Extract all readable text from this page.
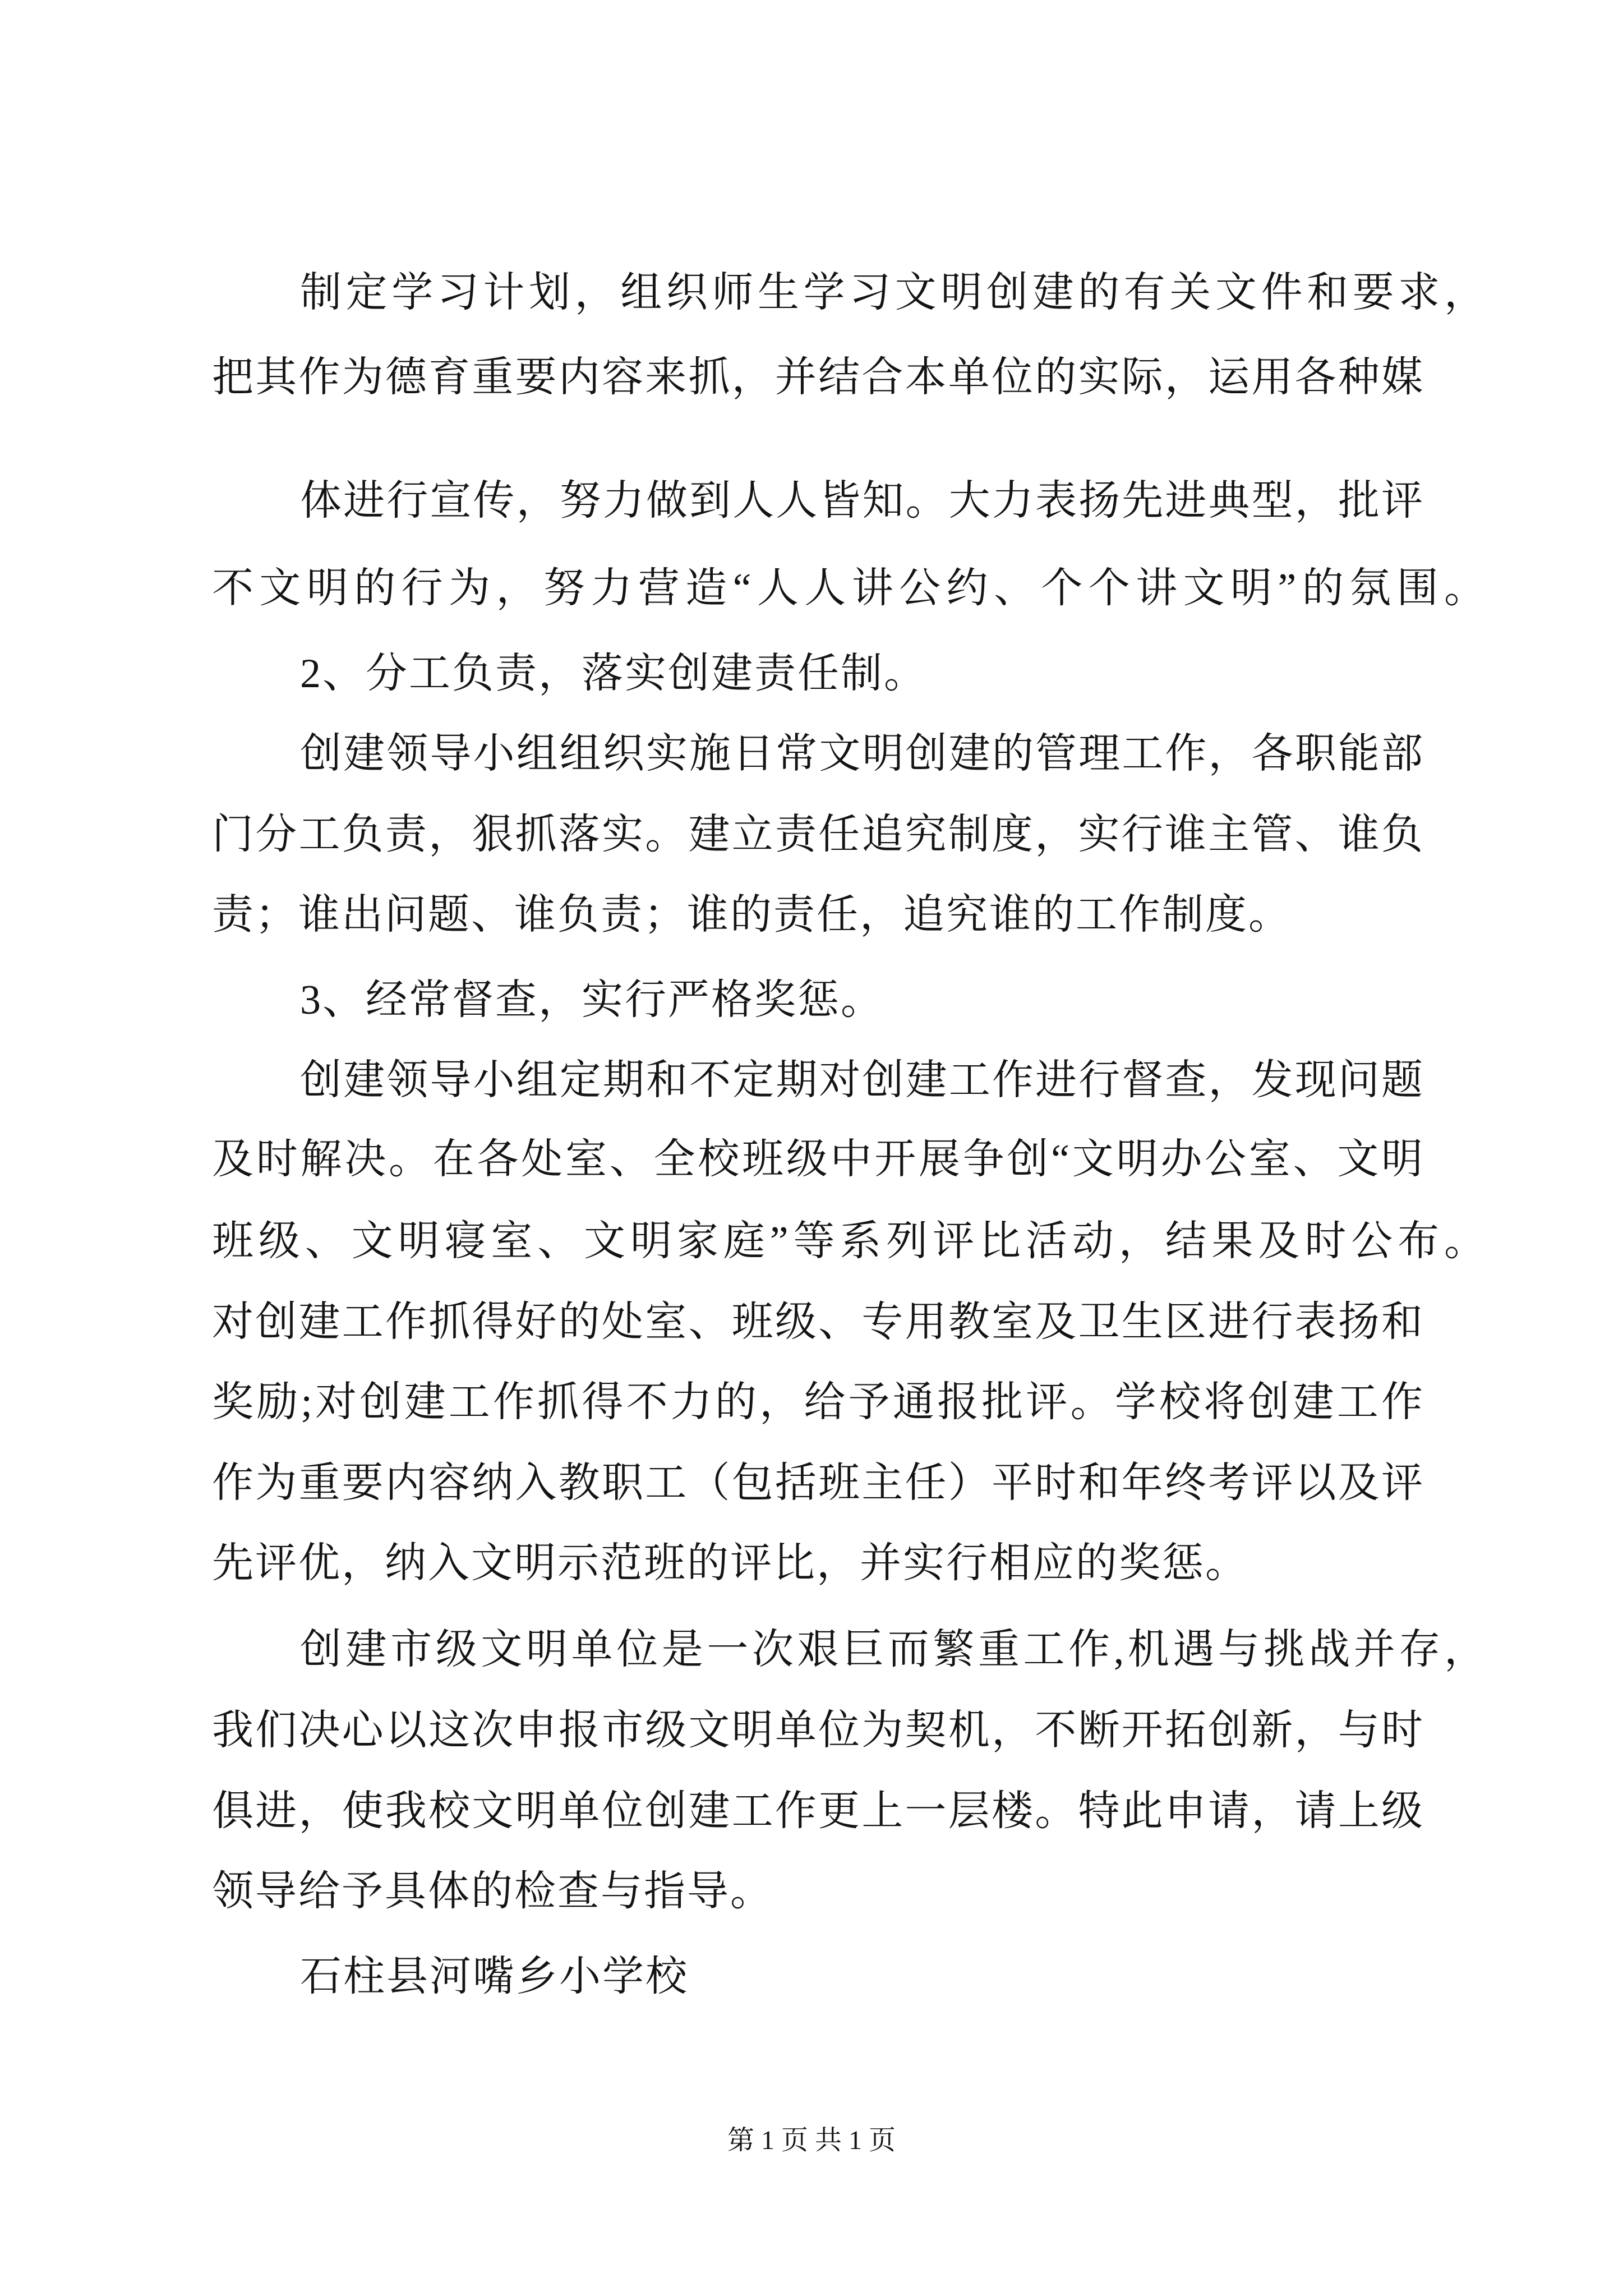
制定学习计划，组织师生学习文明创建的有关文件和要求，
把其作为德育重要内容来抓，并结合本单位的实际，运用各种媒
体进行宣传，努力做到人人皆知。大力表扬先进典型，批评
不文明的行为，努力营造“人人讲公约、个个讲文明”的氛围。
2、分工负责，落实创建责任制。
创建领导小组组织实施日常文明创建的管理工作，各职能部
门分工负责，狠抓落实。建立责任追究制度，实行谁主管、谁负
责；谁出问题、谁负责；谁的责任，追究谁的工作制度。
3、经常督查，实行严格奖惩。
创建领导小组定期和不定期对创建工作进行督查，发现问题
及时解决。在各处室、全校班级中开展争创“文明办公室、文明
班级、文明寝室、文明家庭”等系列评比活动，结果及时公布。
对创建工作抓得好的处室、班级、专用教室及卫生区进行表扬和
奖励;对创建工作抓得不力的，给予通报批评。学校将创建工作
作为重要内容纳入教职工（包括班主任）平时和年终考评以及评
先评优，纳入文明示范班的评比，并实行相应的奖惩。
创建市级文明单位是一次艰巨而繁重工作,机遇与挑战并存，
我们决心以这次申报市级文明单位为契机，不断开拓创新，与时
俱进，使我校文明单位创建工作更上一层楼。特此申请，请上级
领导给予具体的检查与指导。
石柱县河嘴乡小学校
第 1 页 共 1 页
